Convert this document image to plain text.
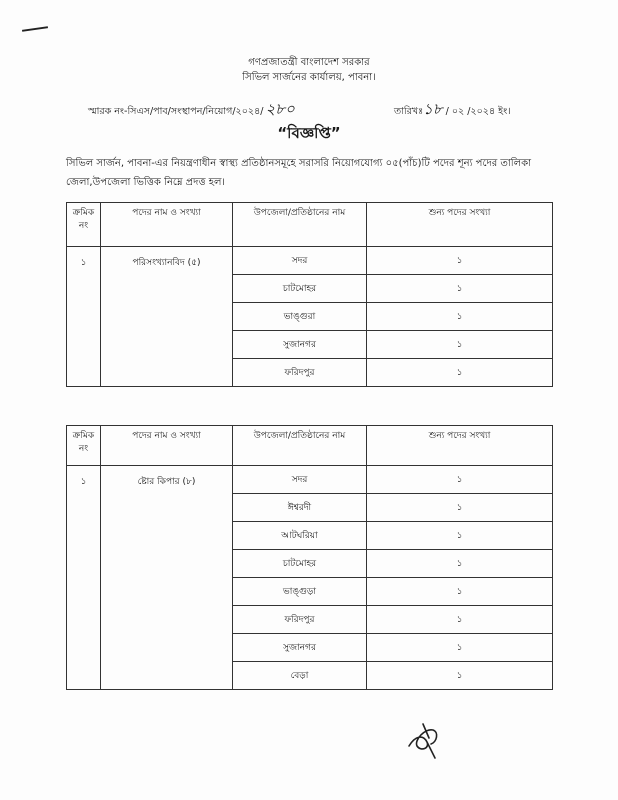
গণপ্রজাতন্ত্রী বাংলাদেশ সরকার
সিভিল সার্জনের কার্যালয়, পাবনা।
স্মারক নং-সিএস/পাব/সংস্থাপন/নিয়োগ/২০২৪/ ২৮০	তারিখঃ১৮ / ০২ /২০২৪ ইং।
“বিজ্ঞপ্তি”
সিভিল সার্জন, পাবনা-এর নিয়ন্ত্রণাধীন স্বাস্থ্য প্রতিষ্ঠানসমূহে সরাসরি নিয়োগযোগ্য ০৫(পাঁচ)টি পদের শূন্য পদের তালিকা জেলা,উপজেলা ভিত্তিক নিম্নে প্রদত্ত হল।
ক্রমিক নং	পদের নাম ও সংখ্যা	উপজেলা/প্রতিষ্ঠানের নাম	শুন্য পদের সংখ্যা
১	পরিসংখ্যানবিদ (৫)	সদর	১
		চাটমোহর	১
		ভাঙ্গুরা	১
		সুজানগর	১
		ফরিদপুর	১
ক্রমিক নং	পদের নাম ও সংখ্যা	উপজেলা/প্রতিষ্ঠানের নাম	শুন্য পদের সংখ্যা
১	ষ্টোর কিপার (৮)	সদর	১
		ঈশ্বরদী	১
		আটঘরিয়া	১
		চাটমোহর	১
		ভাঙ্গুড়া	১
		ফরিদপুর	১
		সুজানগর	১
		বেড়া	১
